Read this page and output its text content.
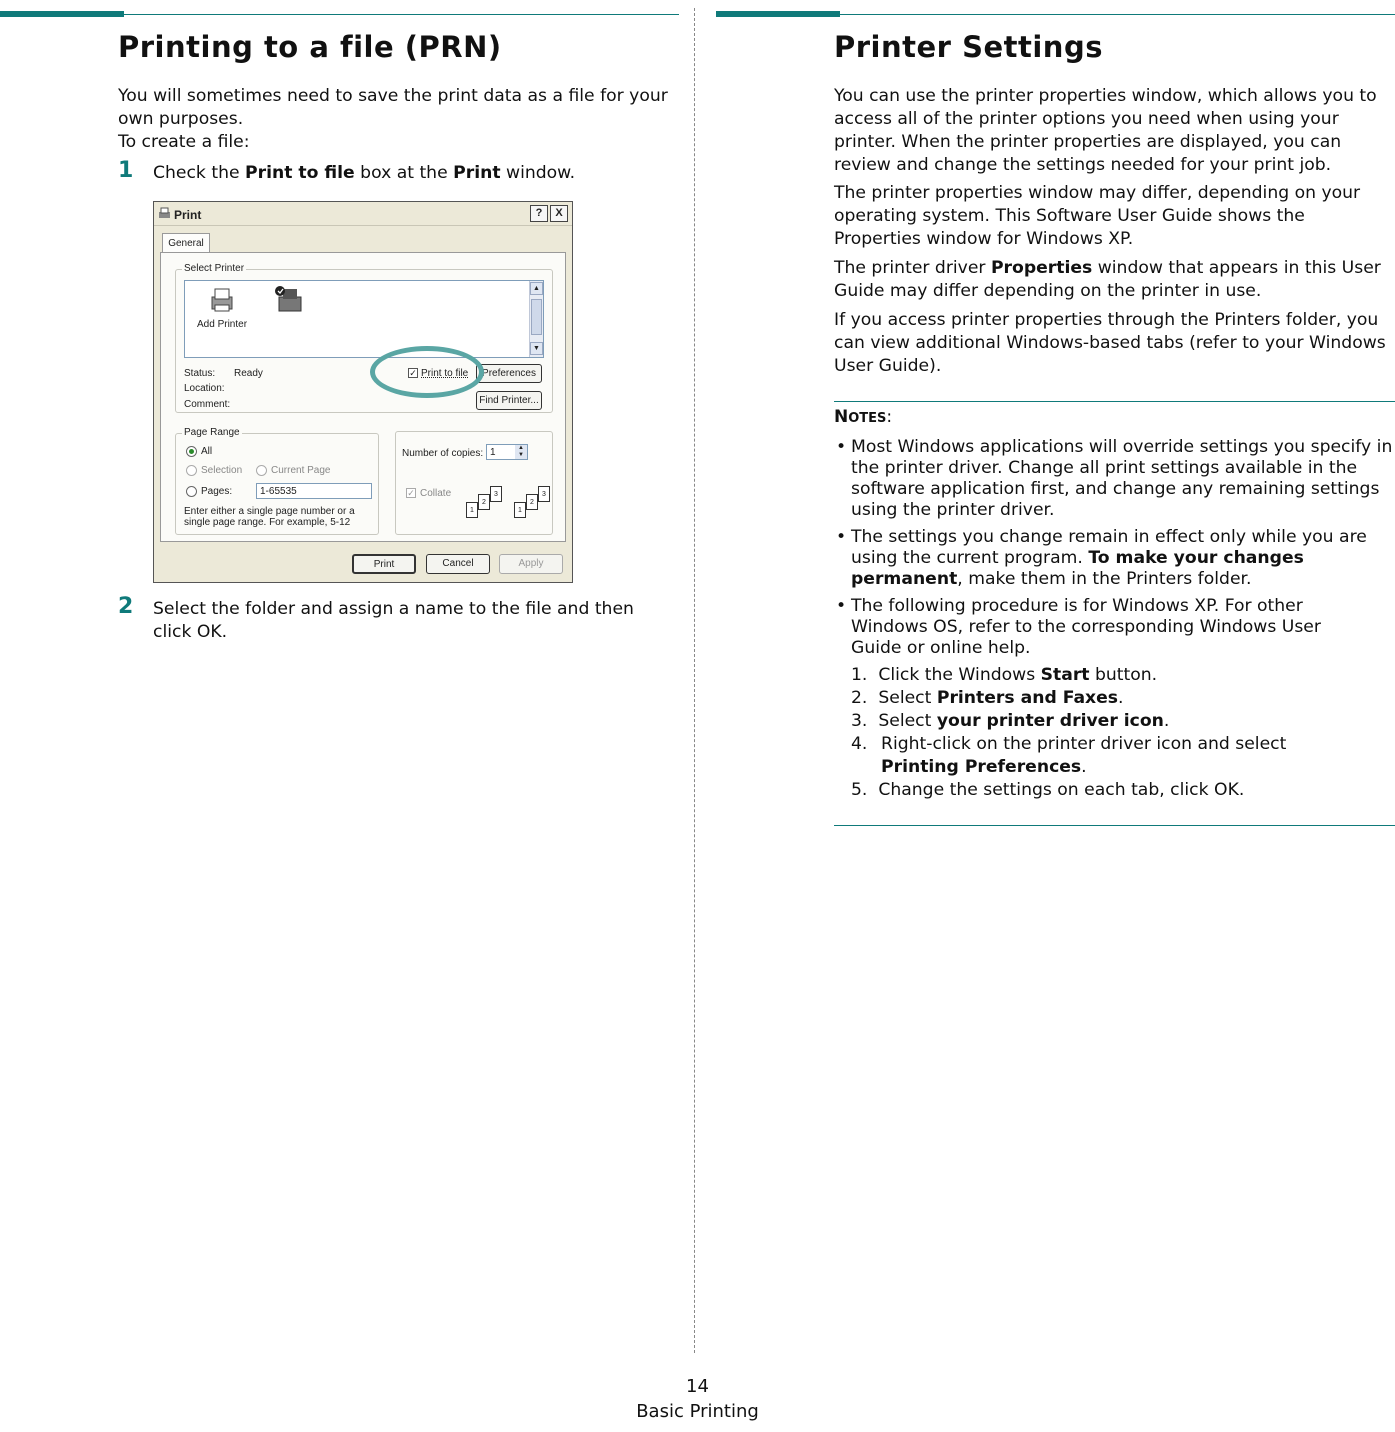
Printing to a file (PRN)
You will sometimes need to save the print data as a file for your own purposes.
To create a file:
1 Check the Print to file box at the Print window.
Print	?	X
General
Select Printer
Add Printer
▲
▼
Status: Ready
Location:
Comment:
✓ Print to file	Preferences
Find Printer...
Page Range
All
Selection	Current Page
Pages:	1-65535
Enter either a single page number or a single page range. For example, 5-12
Number of copies: 1	▲
▼
✓ Collate
1
2
3
1
2
3
Print	Cancel	Apply
2 Select the folder and assign a name to the file and then click OK.
Printer Settings
You can use the printer properties window, which allows you to access all of the printer options you need when using your printer. When the printer properties are displayed, you can review and change the settings needed for your print job.
The printer properties window may differ, depending on your operating system. This Software User Guide shows the Properties window for Windows XP.
The printer driver Properties window that appears in this User Guide may differ depending on the printer in use.
If you access printer properties through the Printers folder, you can view additional Windows-based tabs (refer to your Windows User Guide).
NOTES:
• Most Windows applications will override settings you specify in the printer driver. Change all print settings available in the software application first, and change any remaining settings using the printer driver.
• The settings you change remain in effect only while you are using the current program. To make your changes permanent, make them in the Printers folder.
• The following procedure is for Windows XP. For other Windows OS, refer to the corresponding Windows User Guide or online help.
1. Click the Windows Start button.
2. Select Printers and Faxes.
3. Select your printer driver icon.
4. Right-click on the printer driver icon and select Printing Preferences.
5. Change the settings on each tab, click OK.
14
Basic Printing
